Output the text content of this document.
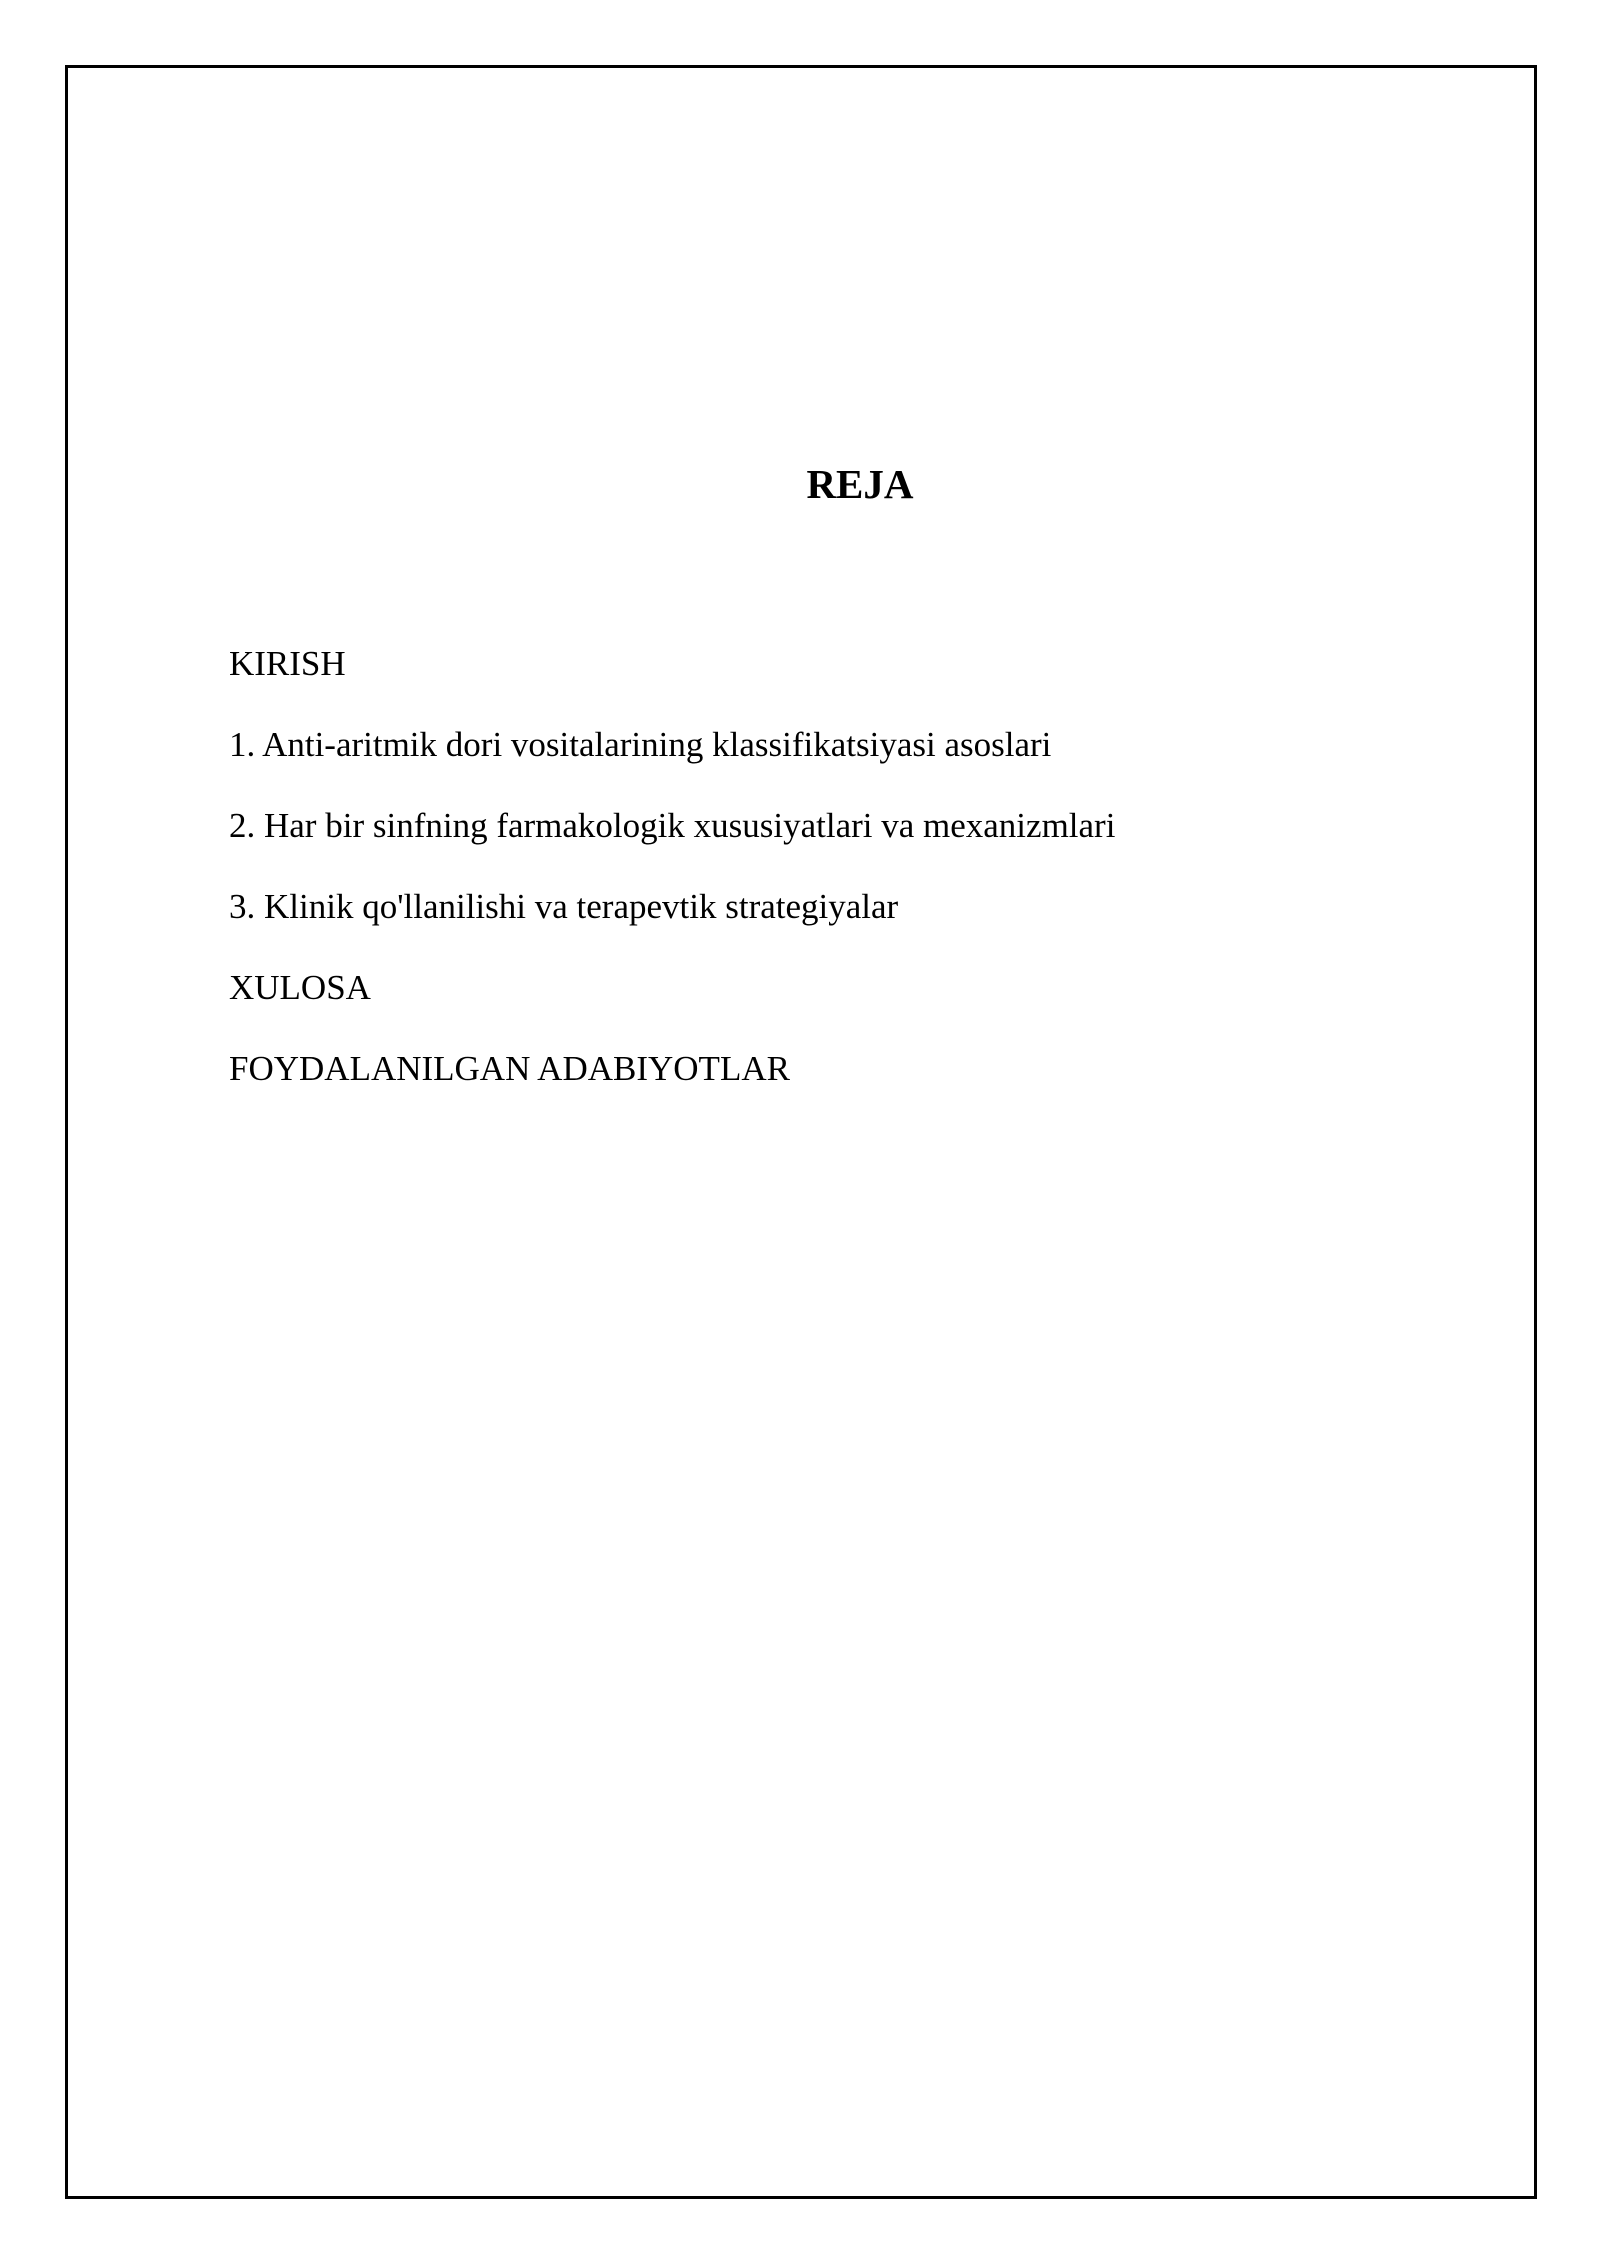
REJA
KIRISH
1. Anti-aritmik dori vositalarining klassifikatsiyasi asoslari
2. Har bir sinfning farmakologik xususiyatlari va mexanizmlari
3. Klinik qo'llanilishi va terapevtik strategiyalar
XULOSA
FOYDALANILGAN ADABIYOTLAR
